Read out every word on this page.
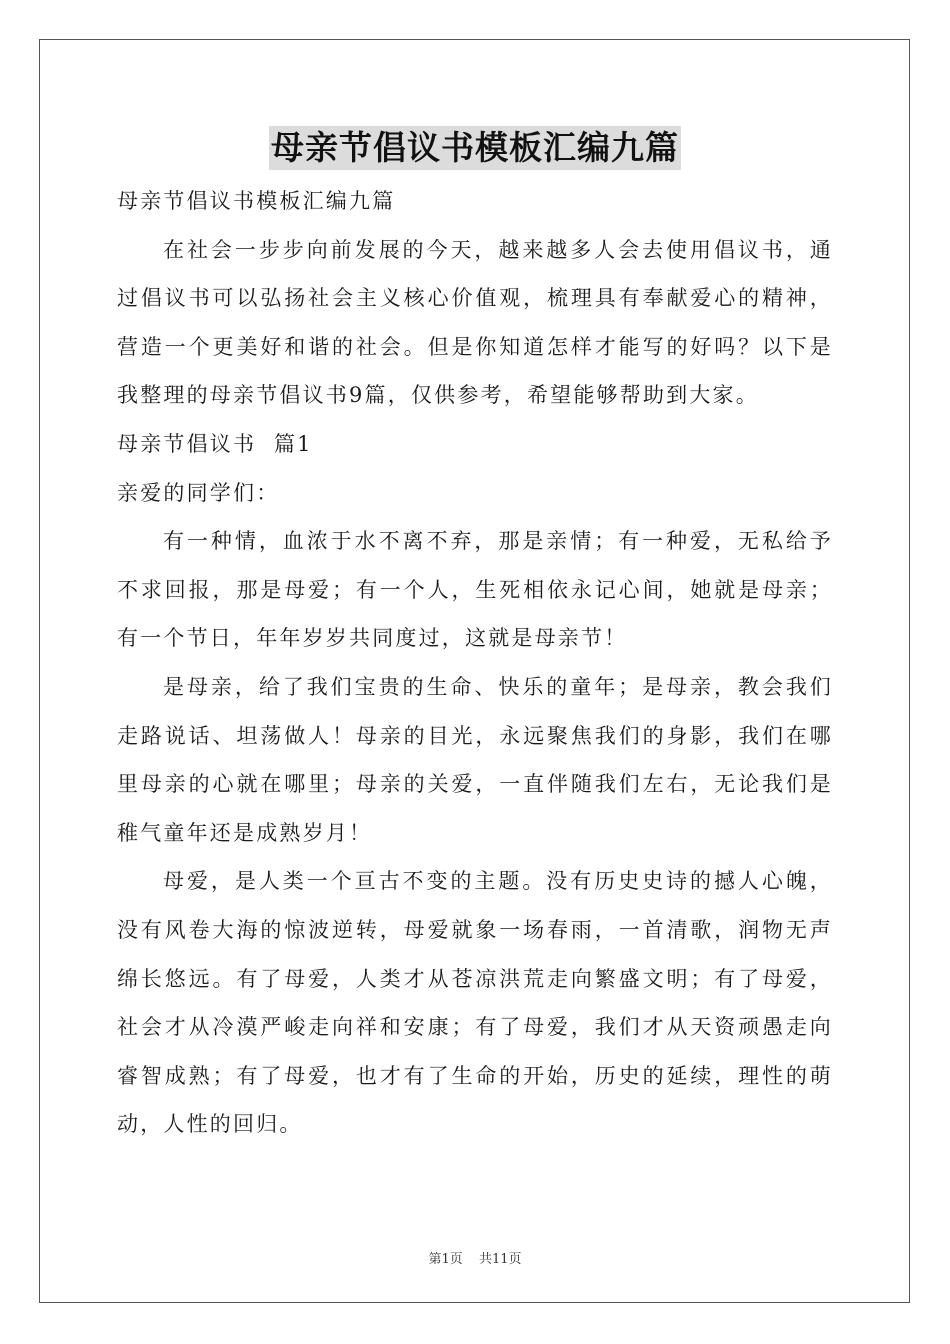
母亲节倡议书模板汇编九篇

母亲节倡议书模板汇编九篇

在社会一步步向前发展的今天，越来越多人会去使用倡议书，通过倡议书可以弘扬社会主义核心价值观，梳理具有奉献爱心的精神，营造一个更美好和谐的社会。但是你知道怎样才能写的好吗？以下是我整理的母亲节倡议书9篇，仅供参考，希望能够帮助到大家。

母亲节倡议书  篇1

亲爱的同学们：

有一种情，血浓于水不离不弃，那是亲情；有一种爱，无私给予不求回报，那是母爱；有一个人，生死相依永记心间，她就是母亲；有一个节日，年年岁岁共同度过，这就是母亲节！

是母亲，给了我们宝贵的生命、快乐的童年；是母亲，教会我们走路说话、坦荡做人！母亲的目光，永远聚焦我们的身影，我们在哪里母亲的心就在哪里；母亲的关爱，一直伴随我们左右，无论我们是稚气童年还是成熟岁月！

母爱，是人类一个亘古不变的主题。没有历史史诗的撼人心魄，没有风卷大海的惊波逆转，母爱就象一场春雨，一首清歌，润物无声绵长悠远。有了母爱，人类才从苍凉洪荒走向繁盛文明；有了母爱，社会才从冷漠严峻走向祥和安康；有了母爱，我们才从天资顽愚走向睿智成熟；有了母爱，也才有了生命的开始，历史的延续，理性的萌动，人性的回归。

第1页 共11页
